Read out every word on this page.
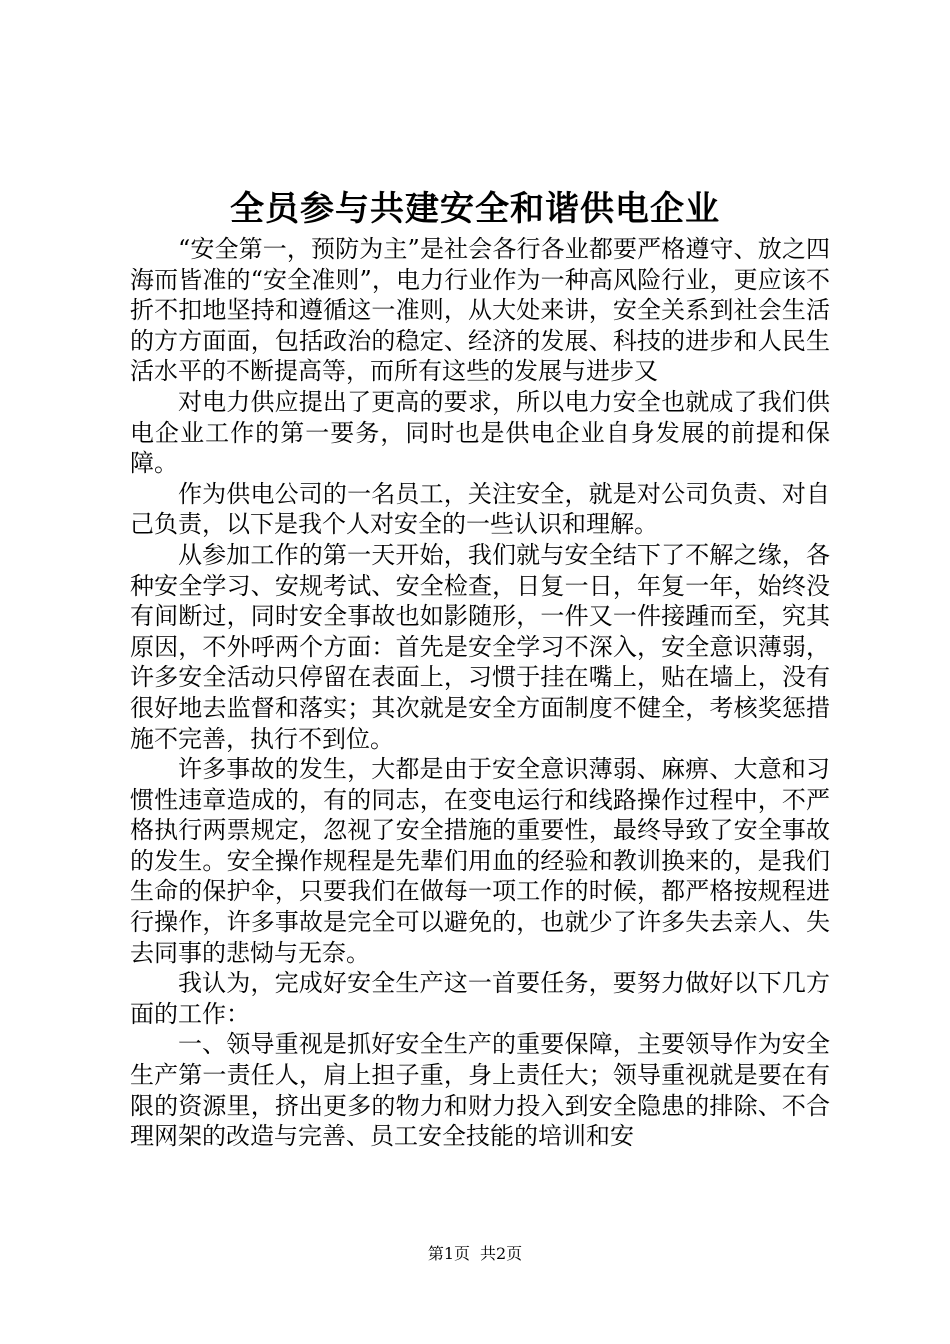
全员参与共建安全和谐供电企业

“安全第一，预防为主”是社会各行各业都要严格遵守、放之四海而皆准的“安全准则”，电力行业作为一种高风险行业，更应该不折不扣地坚持和遵循这一准则，从大处来讲，安全关系到社会生活的方方面面，包括政治的稳定、经济的发展、科技的进步和人民生活水平的不断提高等，而所有这些的发展与进步又

对电力供应提出了更高的要求，所以电力安全也就成了我们供电企业工作的第一要务，同时也是供电企业自身发展的前提和保障。

作为供电公司的一名员工，关注安全，就是对公司负责、对自己负责，以下是我个人对安全的一些认识和理解。

从参加工作的第一天开始，我们就与安全结下了不解之缘，各种安全学习、安规考试、安全检查，日复一日，年复一年，始终没有间断过，同时安全事故也如影随形，一件又一件接踵而至，究其原因，不外呼两个方面：首先是安全学习不深入，安全意识薄弱，许多安全活动只停留在表面上，习惯于挂在嘴上，贴在墙上，没有很好地去监督和落实；其次就是安全方面制度不健全，考核奖惩措施不完善，执行不到位。

许多事故的发生，大都是由于安全意识薄弱、麻痹、大意和习惯性违章造成的，有的同志，在变电运行和线路操作过程中，不严格执行两票规定，忽视了安全措施的重要性，最终导致了安全事故的发生。安全操作规程是先辈们用血的经验和教训换来的，是我们生命的保护伞，只要我们在做每一项工作的时候，都严格按规程进行操作，许多事故是完全可以避免的，也就少了许多失去亲人、失去同事的悲恸与无奈。

我认为，完成好安全生产这一首要任务，要努力做好以下几方面的工作：

一、领导重视是抓好安全生产的重要保障，主要领导作为安全生产第一责任人，肩上担子重，身上责任大；领导重视就是要在有限的资源里，挤出更多的物力和财力投入到安全隐患的排除、不合理网架的改造与完善、员工安全技能的培训和安

第1页 共2页
